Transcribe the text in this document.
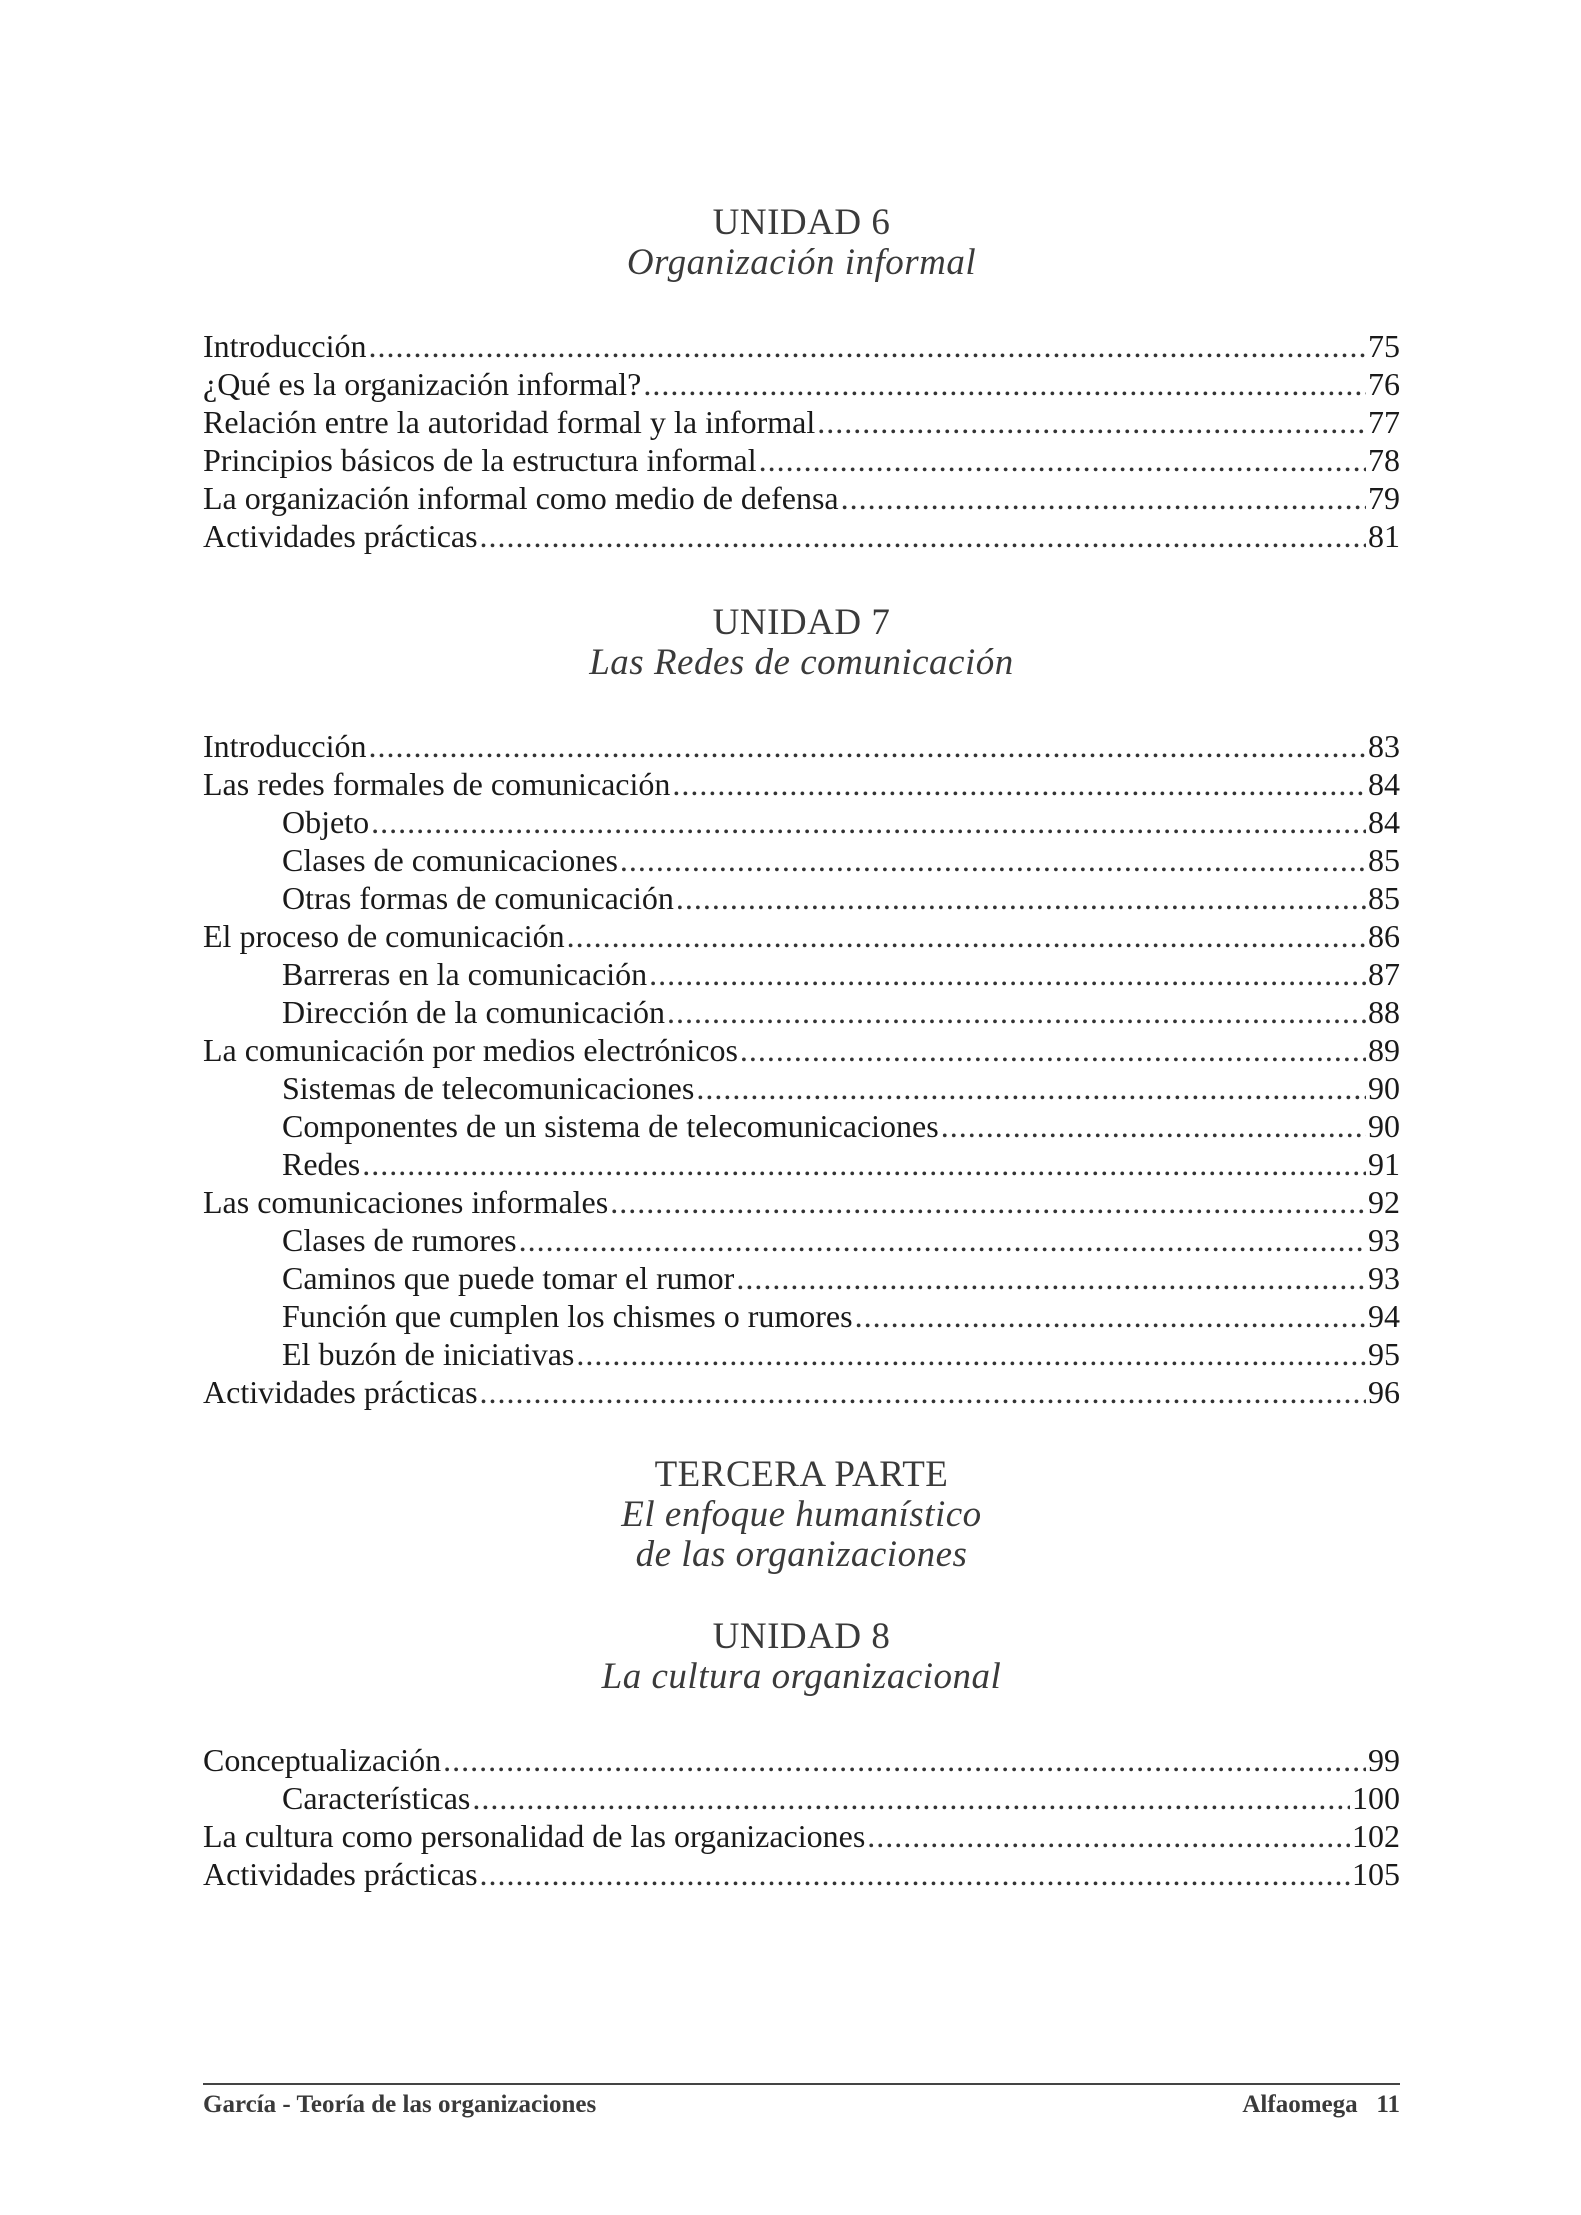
UNIDAD 6
Organización informal
Introducción .....	75
¿Qué es la organización informal? .....	76
Relación entre la autoridad formal y la informal .....	77
Principios básicos de la estructura informal .....	78
La organización informal como medio de defensa .....	79
Actividades prácticas .....	81
UNIDAD 7
Las Redes de comunicación
Introducción .....	83
Las redes formales de comunicación .....	84
Objeto .....	84
Clases de comunicaciones .....	85
Otras formas de comunicación .....	85
El proceso de comunicación .....	86
Barreras en la comunicación .....	87
Dirección de la comunicación .....	88
La comunicación por medios electrónicos .....	89
Sistemas de telecomunicaciones .....	90
Componentes de un sistema de telecomunicaciones .....	90
Redes .....	91
Las comunicaciones informales .....	92
Clases de rumores .....	93
Caminos que puede tomar el rumor .....	93
Función que cumplen los chismes o rumores .....	94
El buzón de iniciativas .....	95
Actividades prácticas .....	96
TERCERA PARTE
El enfoque humanístico
de las organizaciones
UNIDAD 8
La cultura organizacional
Conceptualización .....	99
Características .....	100
La cultura como personalidad de las organizaciones .....	102
Actividades prácticas .....	105
García - Teoría de las organizaciones	Alfaomega   11
